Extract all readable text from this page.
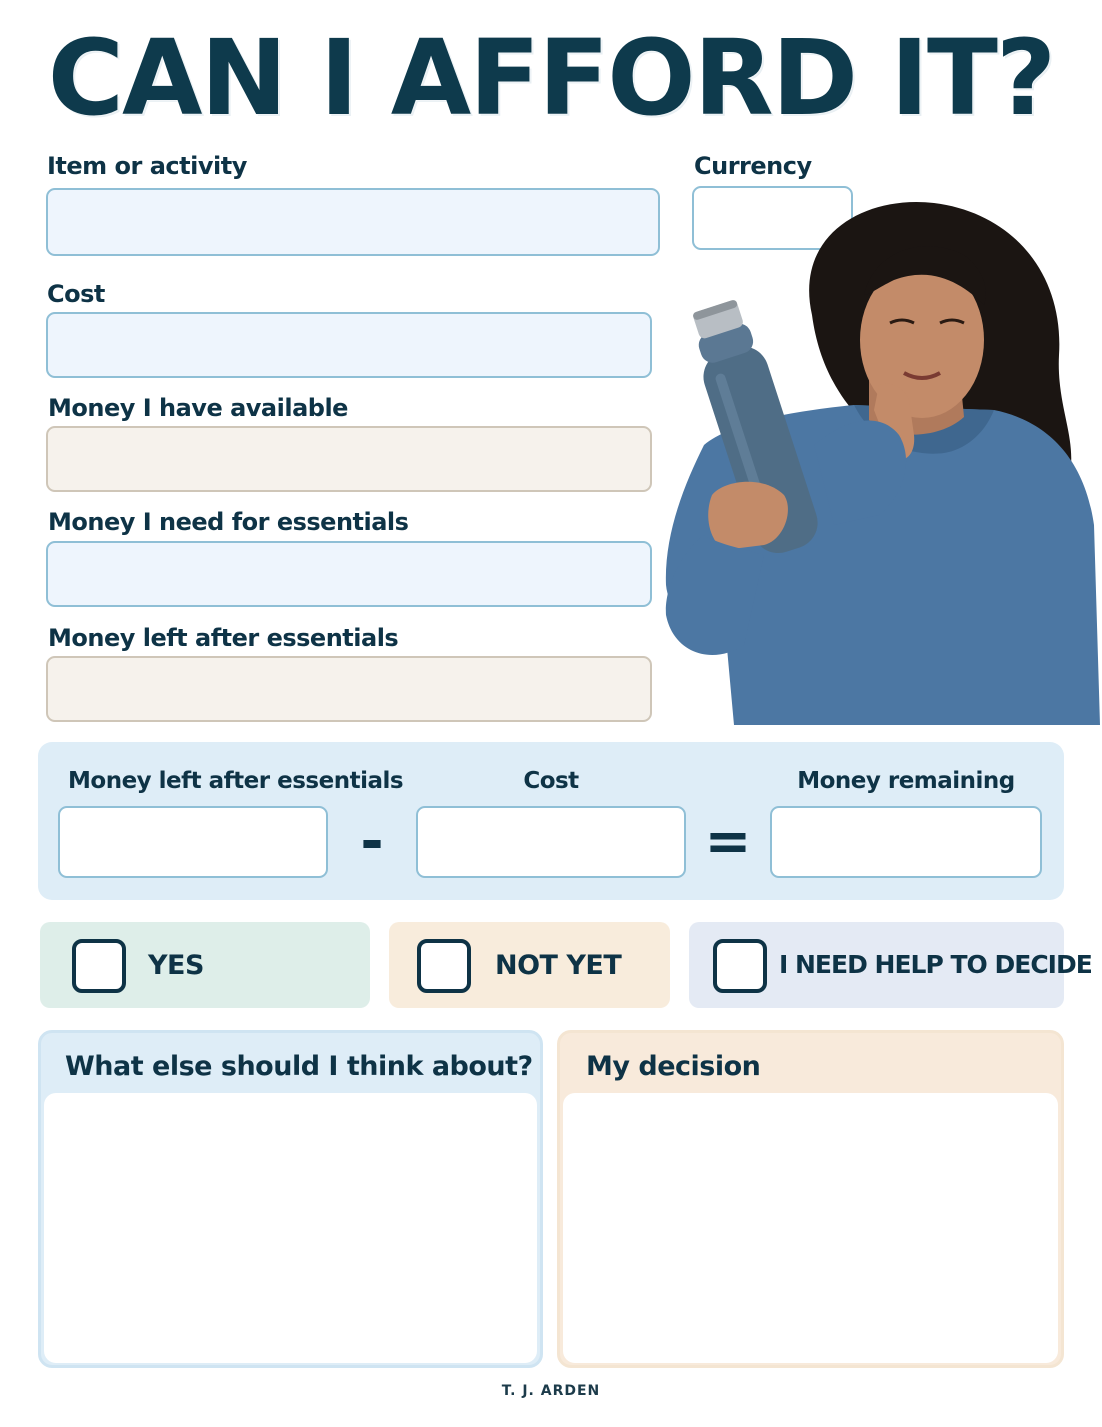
CAN I AFFORD IT?
Item or activity	Currency
Cost
Money I have available
Money I need for essentials
Money left after essentials
Money left after essentials	Cost	Money remaining
-	=
YES	NOT YET	I NEED HELP TO DECIDE
What else should I think about? My decision
T. J. ARDEN
